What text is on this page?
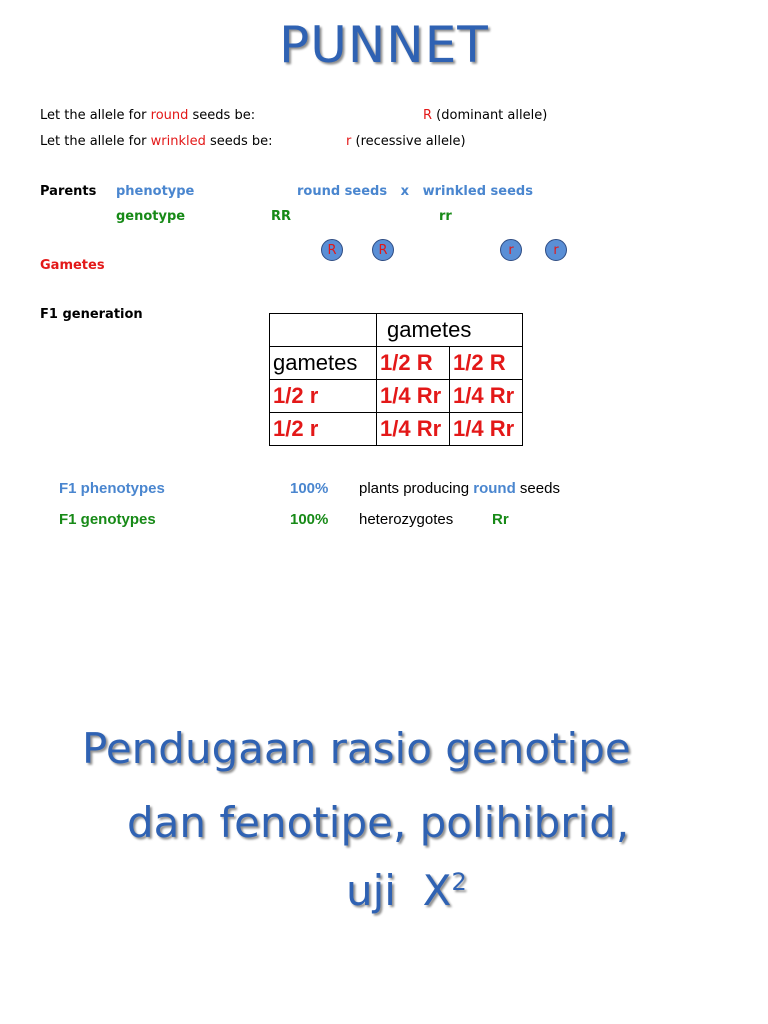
PUNNET
Let the allele for round seeds be:	R (dominant allele)
Let the allele for wrinkled seeds be:	r (recessive allele)
Parents phenotype	round seeds   x   wrinkled seeds
genotype	RR	rr
R	R	r	r
Gametes
F1 generation
	gametes	
gametes	1/2 R	1/2 R
1/2 r	1/4 Rr	1/4 Rr
1/2 r	1/4 Rr	1/4 Rr
F1 phenotypes	100% plants producing round seeds
F1 genotypes	100% heterozygotes	Rr
Pendugaan rasio genotipe
dan fenotipe, polihibrid,
uji  $X^2$
